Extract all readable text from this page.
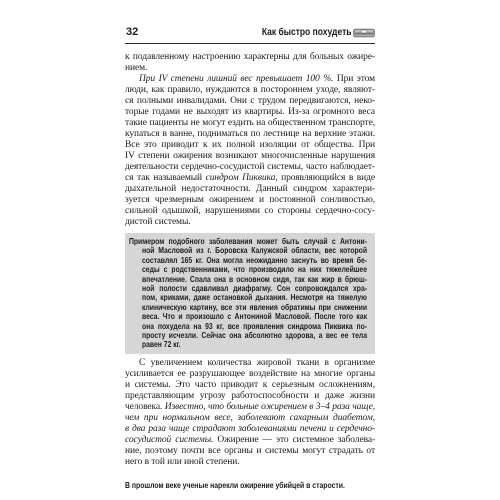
32	Как быстро похудеть
к подавленному настроению характерны для больных ожире-
нием.
При IV степени лишний вес превышает 100 %. При этом
люди, как правило, нуждаются в постороннем уходе, являют-
ся полными инвалидами. Они с трудом передвигаются, неко-
торые годами не выходят из квартиры. Из-за огромного веса
такие пациенты не могут ездить на общественном транспорте,
купаться в ванне, подниматься по лестнице на верхние этажи.
Все это приводит к их полной изоляции от общества. При
IV степени ожирения возникают многочисленные нарушения
деятельности сердечно-сосудистой системы, часто наблюдает-
ся так называемый синдром Пиквика, проявляющийся в виде
дыхательной недостаточности. Данный синдром характери-
зуется чрезмерным ожирением и постоянной сонливостью,
сильной одышкой, нарушениями со стороны сердечно-сосу-
дистой системы.
Примером подобного заболевания может быть случай с Антони-
ной Масловой из г. Боровска Калужской области, вес которой
составлял 165 кг. Она могла неожиданно заснуть во время бе-
седы с родственниками, что производило на них тяжелейшее
впечатление. Спала она в основном сидя, так как жир в брюш-
ной полости сдавливал диафрагму. Сон сопровождался хра-
пом, криками, даже остановкой дыхания. Несмотря на тяжелую
клиническую картину, все эти явления обратимы при снижении
веса. Что и произошло с Антониной Масловой. После того как
она похудела на 93 кг, все проявления синдрома Пиквика по-
просту исчезли. Сейчас она абсолютно здорова, а вес ее тела
равен 72 кг.
С увеличением количества жировой ткани в организме
усиливается ее разрушающее воздействие на многие органы
и системы. Это часто приводит к серьезным осложнениям,
представляющим угрозу работоспособности и даже жизни
человека. Известно, что больные ожирением в 3–4 раза чаще,
чем при нормальном весе, заболевают сахарным диабетом,
в два раза чаще страдают заболеваниями печени и сердечно-
сосудистой системы. Ожирение — это системное заболева-
ние, поэтому почти все органы и системы могут страдать от
него в той или иной степени.
В прошлом веке ученые нарекли ожирение убийцей в старости.
